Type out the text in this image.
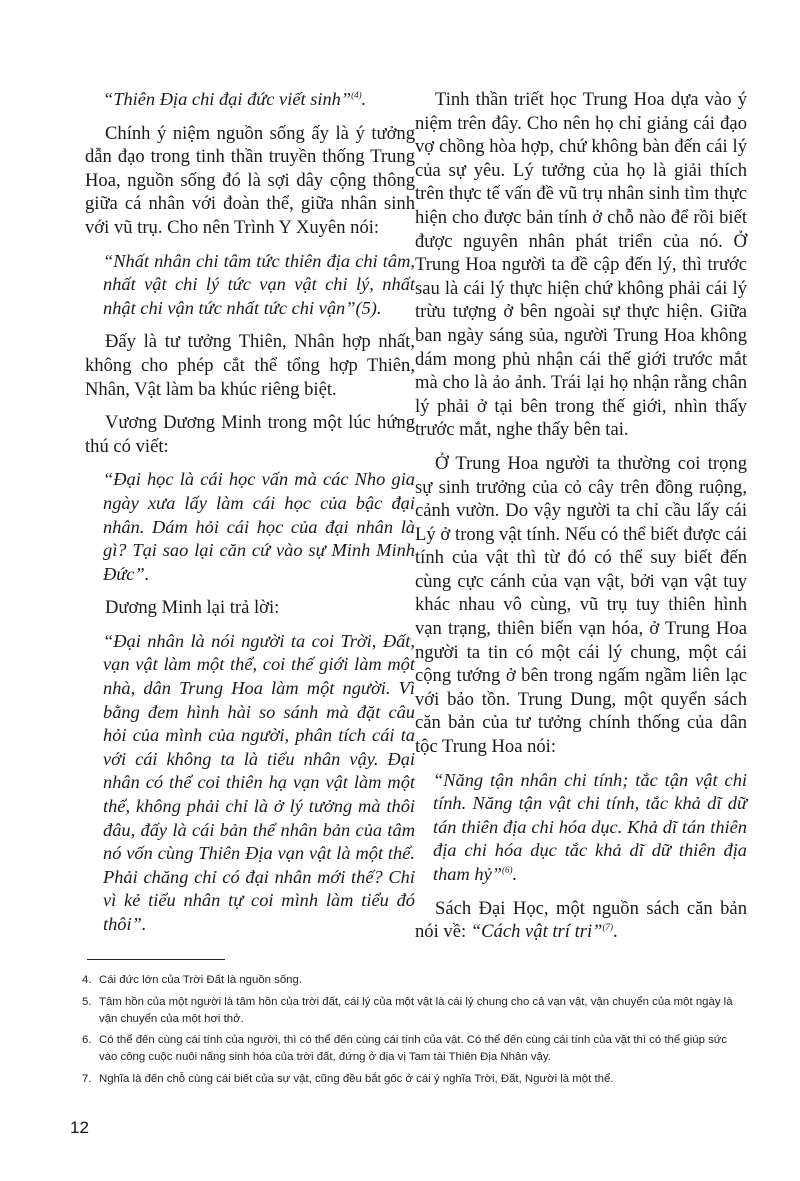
“Thiên Địa chi đại đức viết sinh”$^{(4)}$.

Chính ý niệm nguồn sống ấy là ý tưởng dẫn đạo trong tinh thần truyền thống Trung Hoa, nguồn sống đó là sợi dây cộng thông giữa cá nhân với đoàn thể, giữa nhân sinh với vũ trụ. Cho nên Trình Y Xuyên nói:

“Nhất nhân chi tâm tức thiên địa chi tâm, nhất vật chi lý tức vạn vật chi lý, nhất nhật chi vận tức nhất tức chi vận”(5).

Đấy là tư tưởng Thiên, Nhân hợp nhất, không cho phép cắt thể tổng hợp Thiên, Nhân, Vật làm ba khúc riêng biệt.

Vương Dương Minh trong một lúc hứng thú có viết:

“Đại học là cái học vấn mà các Nho gia ngày xưa lấy làm cái học của bậc đại nhân. Dám hỏi cái học của đại nhân là gì? Tại sao lại căn cứ vào sự Minh Minh Đức”.

Dương Minh lại trả lời:

“Đại nhân là nói người ta coi Trời, Đất, vạn vật làm một thể, coi thế giới làm một nhà, dân Trung Hoa làm một người. Vì bằng đem hình hài so sánh mà đặt câu hỏi của mình của người, phân tích cái ta với cái không ta là tiểu nhân vậy. Đại nhân có thể coi thiên hạ vạn vật làm một thể, không phải chỉ là ở lý tưởng mà thôi đâu, đấy là cái bản thể nhân bản của tâm nó vốn cùng Thiên Địa vạn vật là một thể. Phải chăng chỉ có đại nhân mới thế? Chỉ vì kẻ tiểu nhân tự coi mình làm tiểu đó thôi”.

Tinh thần triết học Trung Hoa dựa vào ý niệm trên đây. Cho nên họ chỉ giảng cái đạo vợ chồng hòa hợp, chứ không bàn đến cái lý của sự yêu. Lý tưởng của họ là giải thích trên thực tế vấn đề vũ trụ nhân sinh tìm thực hiện cho được bản tính ở chỗ nào để rồi biết được nguyên nhân phát triển của nó. Ở Trung Hoa người ta đề cập đến lý, thì trước sau là cái lý thực hiện chứ không phải cái lý trừu tượng ở bên ngoài sự thực hiện. Giữa ban ngày sáng sủa, người Trung Hoa không dám mong phủ nhận cái thế giới trước mắt mà cho là ảo ảnh. Trái lại họ nhận rằng chân lý phải ở tại bên trong thế giới, nhìn thấy trước mắt, nghe thấy bên tai.

Ở Trung Hoa người ta thường coi trọng sự sinh trưởng của cỏ cây trên đồng ruộng, cảnh vườn. Do vậy người ta chỉ cầu lấy cái Lý ở trong vật tính. Nếu có thể biết được cái tính của vật thì từ đó có thể suy biết đến cùng cực cánh của vạn vật, bởi vạn vật tuy khác nhau vô cùng, vũ trụ tuy thiên hình vạn trạng, thiên biến vạn hóa, ở Trung Hoa người ta tin có một cái lý chung, một cái cộng tướng ở bên trong ngấm ngầm liên lạc với bảo tồn. Trung Dung, một quyển sách căn bản của tư tưởng chính thống của dân tộc Trung Hoa nói:

“Năng tận nhân chi tính; tắc tận vật chi tính. Năng tận vật chi tính, tắc khả dĩ dữ tán thiên địa chi hóa dục. Khả dĩ tán thiên địa chi hóa dục tắc khả dĩ dữ thiên địa tham hỷ”$^{(6)}$.

Sách Đại Học, một nguồn sách căn bản nói về: “Cách vật trí tri”$^{(7)}$.

4. Cái đức lớn của Trời Đất là nguồn sống.
5. Tâm hồn của một người là tâm hồn của trời đất, cái lý của một vật là cái lý chung cho cả vạn vật, vận chuyển của một ngày là vận chuyển của một hơi thở.
6. Có thể đến cùng cái tính của người, thì có thể đến cùng cái tính của vật. Có thể đến cùng cái tính của vật thì có thể giúp sức vào công cuộc nuôi nấng sinh hóa của trời đất, đứng ở địa vị Tam tài Thiên Địa Nhân vậy.
7. Nghĩa là đến chỗ cùng cái biết của sự vật, cũng đều bắt gốc ở cái ý nghĩa Trời, Đất, Người là một thể.
12
